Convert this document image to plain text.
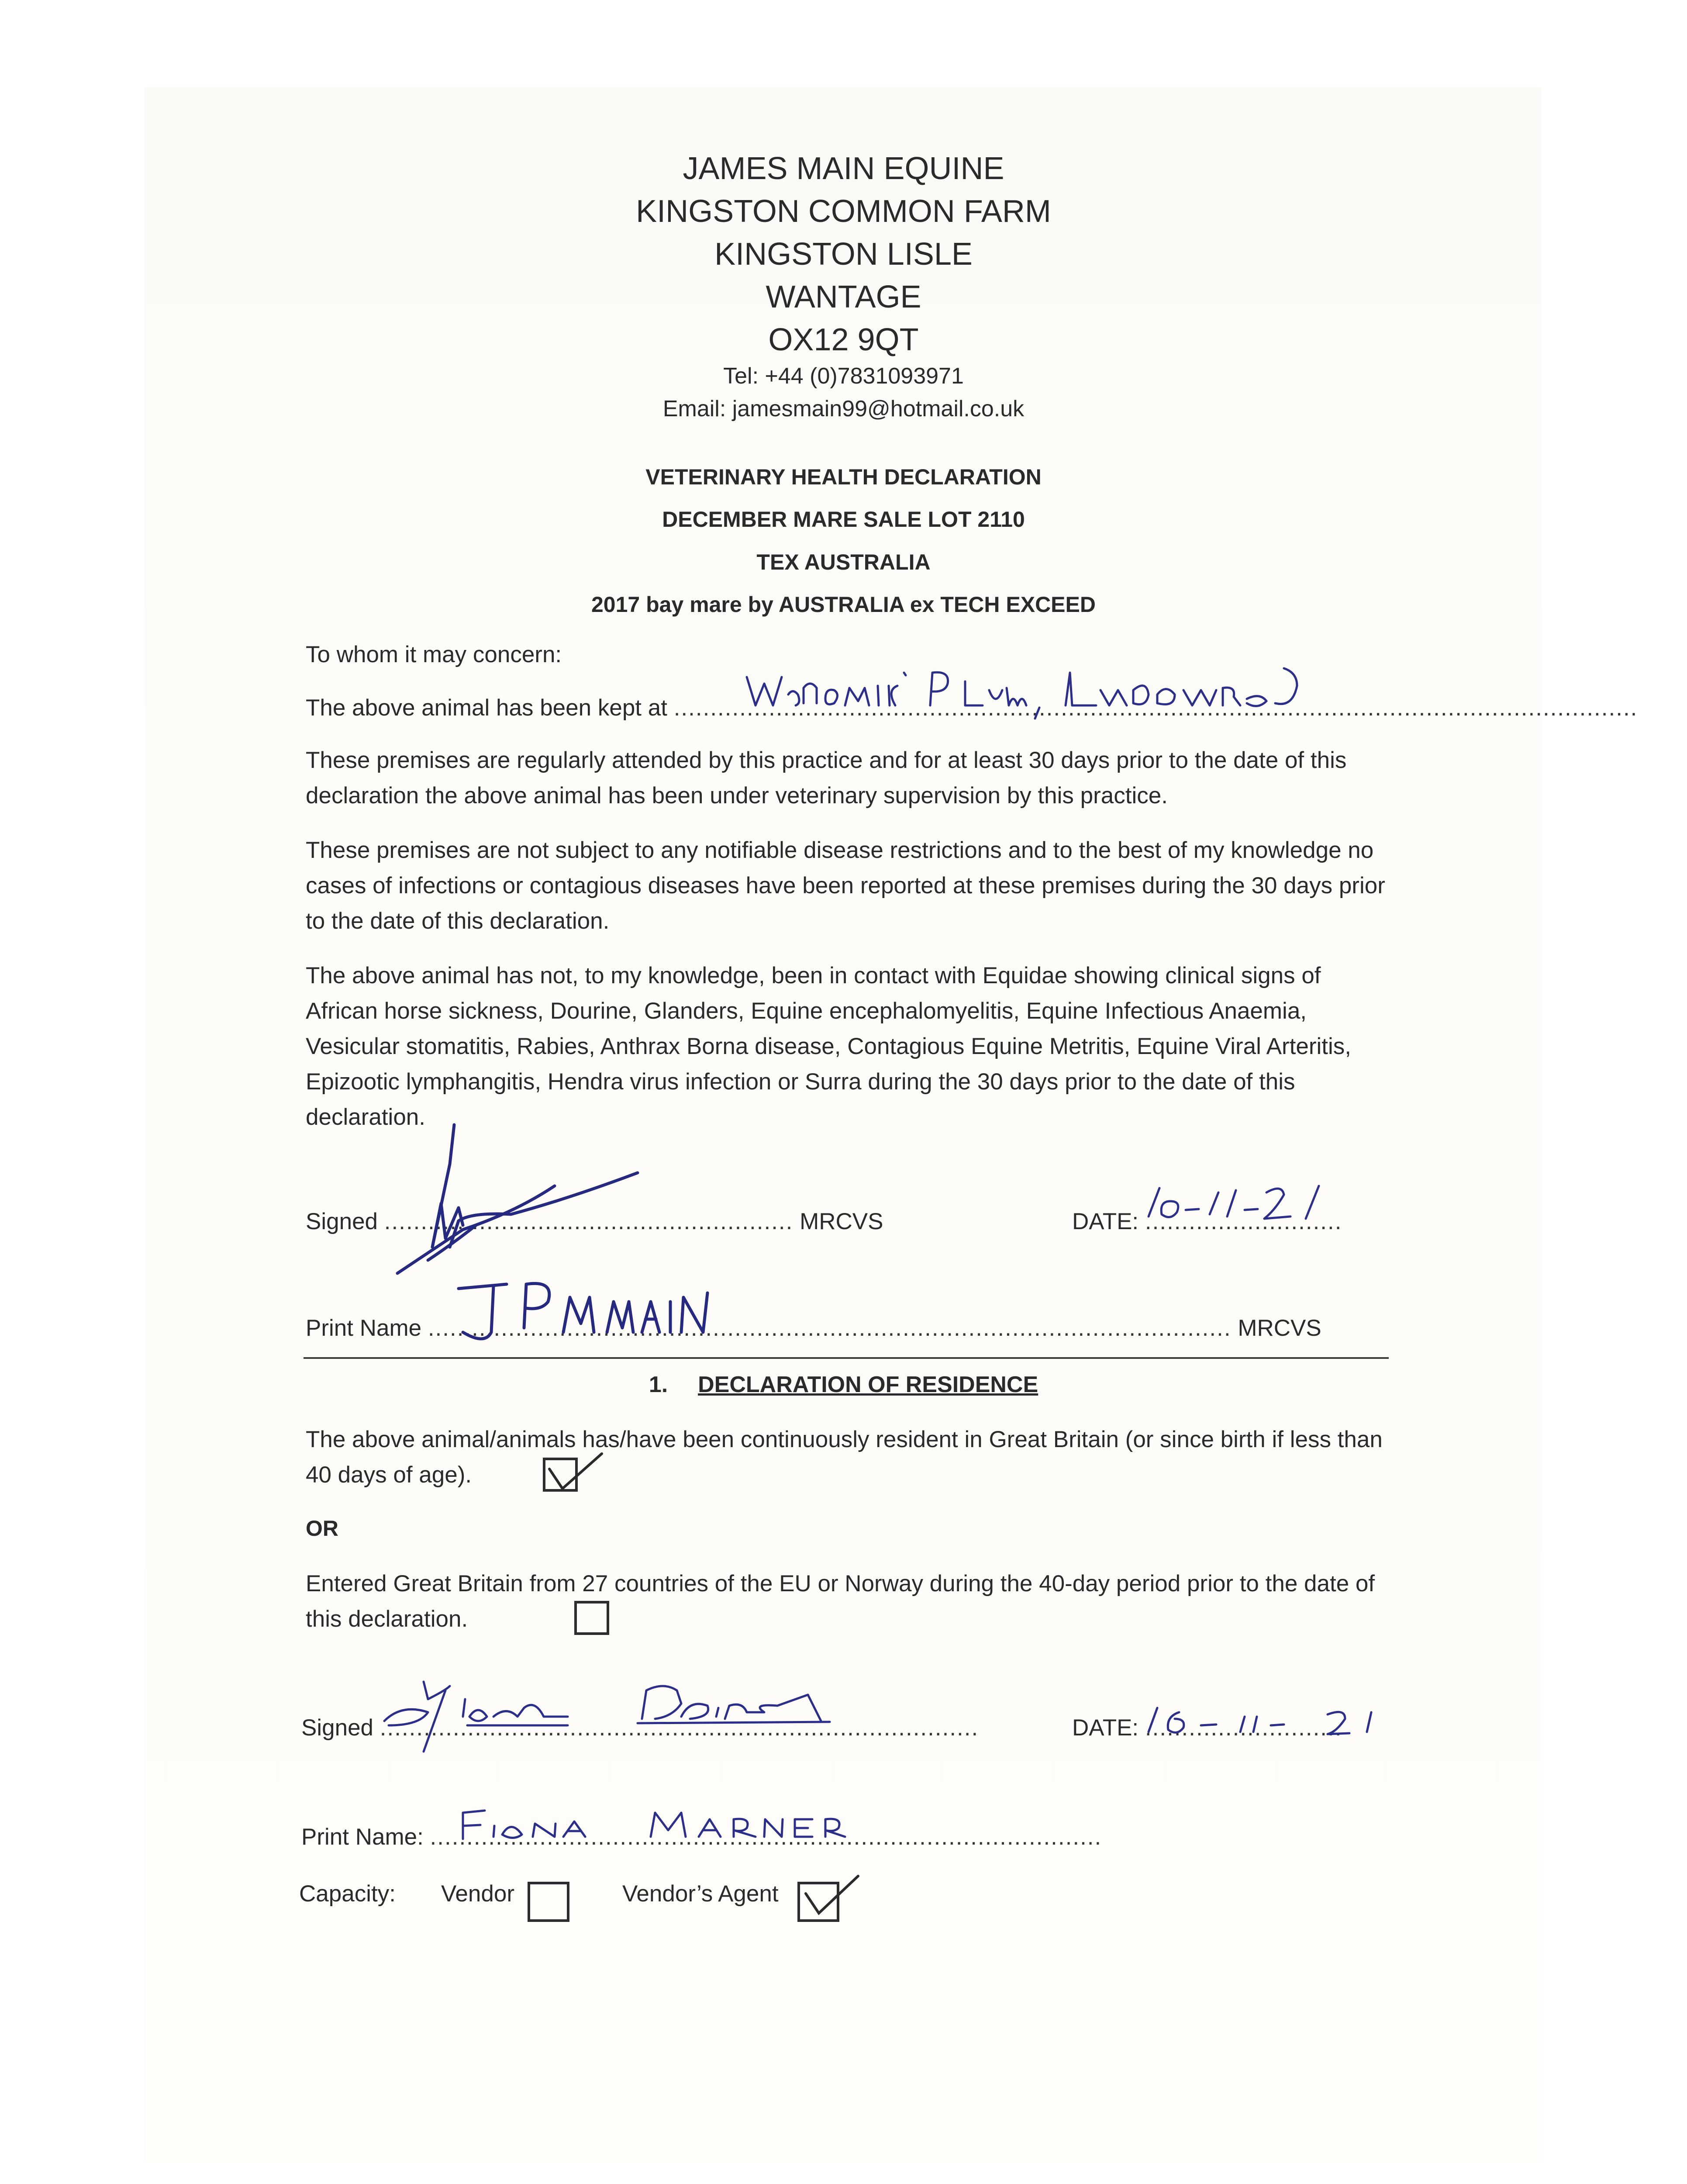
JAMES MAIN EQUINE
KINGSTON COMMON FARM
KINGSTON LISLE
WANTAGE
OX12 9QT
Tel: +44 (0)7831093971
Email: jamesmain99@hotmail.co.uk
VETERINARY HEALTH DECLARATION
DECEMBER MARE SALE LOT 2110
TEX AUSTRALIA
2017 bay mare by AUSTRALIA ex TECH EXCEED
To whom it may concern:
The above animal has been kept at ....................................................................................................................................
These premises are regularly attended by this practice and for at least 30 days prior to the date of this declaration the above animal has been under veterinary supervision by this practice.
These premises are not subject to any notifiable disease restrictions and to the best of my knowledge no cases of infections or contagious diseases have been reported at these premises during the 30 days prior to the date of this declaration.
The above animal has not, to my knowledge, been in contact with Equidae showing clinical signs of African horse sickness, Dourine, Glanders, Equine encephalomyelitis, Equine Infectious Anaemia, Vesicular stomatitis, Rabies, Anthrax Borna disease, Contagious Equine Metritis, Equine Viral Arteritis, Epizootic lymphangitis, Hendra virus infection or Surra during the 30 days prior to the date of this declaration.
Signed ........................................................ MRCVS	DATE: ...........................
Print Name .............................................................................................................. MRCVS
1. DECLARATION OF RESIDENCE
The above animal/animals has/have been continuously resident in Great Britain (or since birth if less than 40 days of age).
OR
Entered Great Britain from 27 countries of the EU or Norway during the 40-day period prior to the date of this declaration.
Signed ..................................................................................	DATE: ...........................
Print Name: ............................................................................................
Capacity: Vendor	Vendor’s Agent
